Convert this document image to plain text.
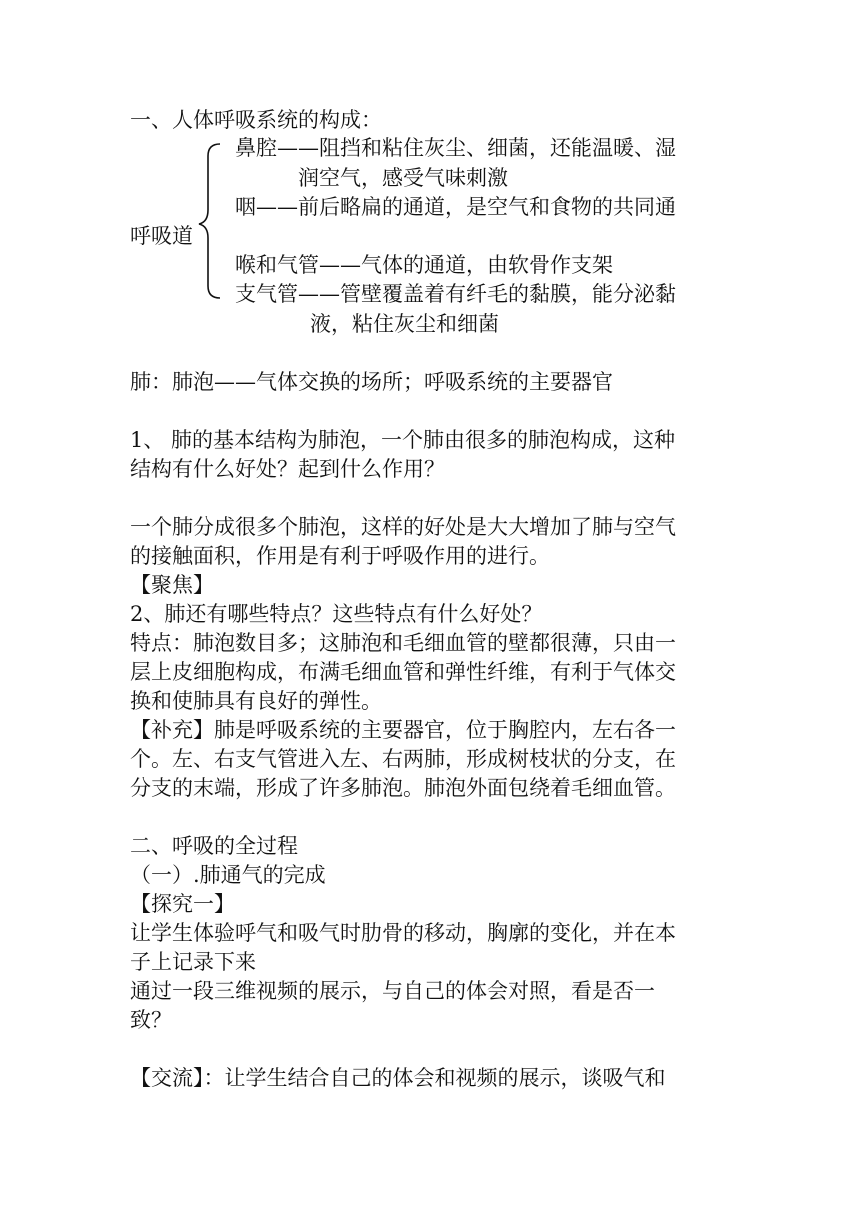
一、人体呼吸系统的构成：
呼吸道
鼻腔——阻挡和粘住灰尘、细菌，还能温暖、湿
润空气，感受气味刺激
咽——前后略扁的通道，是空气和食物的共同通
喉和气管——气体的通道，由软骨作支架
支气管——管壁覆盖着有纤毛的黏膜，能分泌黏
液，粘住灰尘和细菌
肺：肺泡——气体交换的场所；呼吸系统的主要器官
1、 肺的基本结构为肺泡，一个肺由很多的肺泡构成，这种
结构有什么好处？起到什么作用？
一个肺分成很多个肺泡，这样的好处是大大增加了肺与空气
的接触面积，作用是有利于呼吸作用的进行。
【聚焦】
2、肺还有哪些特点？这些特点有什么好处？
特点：肺泡数目多；这肺泡和毛细血管的壁都很薄，只由一
层上皮细胞构成，布满毛细血管和弹性纤维，有利于气体交
换和使肺具有良好的弹性。
【补充】肺是呼吸系统的主要器官，位于胸腔内，左右各一
个。左、右支气管进入左、右两肺，形成树枝状的分支，在
分支的末端，形成了许多肺泡。肺泡外面包绕着毛细血管。
二、呼吸的全过程
（一）.肺通气的完成
【探究一】
让学生体验呼气和吸气时肋骨的移动，胸廓的变化，并在本
子上记录下来
通过一段三维视频的展示，与自己的体会对照，看是否一
致？
【交流】：让学生结合自己的体会和视频的展示，谈吸气和
